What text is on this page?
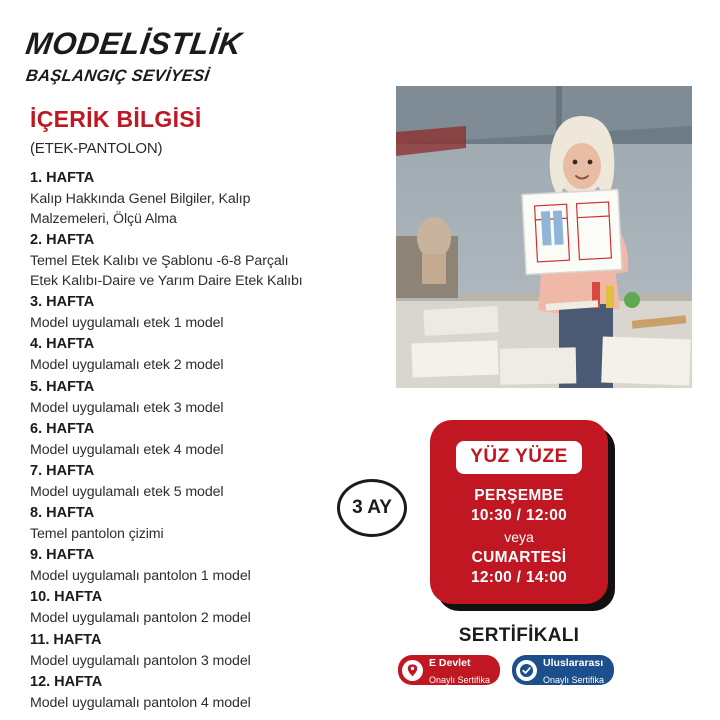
MODELİSTLİK BAŞLANGIÇ SEVİYESİ
İÇERİK BİLGİSİ
(ETEK-PANTOLON)
1. HAFTA
Kalıp Hakkında Genel Bilgiler, Kalıp
Malzemeleri, Ölçü Alma
2. HAFTA
Temel Etek Kalıbı ve Şablonu -6-8 Parçalı
Etek Kalıbı-Daire ve Yarım Daire Etek Kalıbı
3. HAFTA
Model uygulamalı etek 1 model
4. HAFTA
Model uygulamalı etek 2 model
5. HAFTA
Model uygulamalı etek 3 model
6. HAFTA
Model uygulamalı etek 4 model
7. HAFTA
Model uygulamalı etek 5 model
8. HAFTA
Temel pantolon çizimi
9. HAFTA
Model uygulamalı pantolon 1 model
10. HAFTA
Model uygulamalı pantolon 2 model
11. HAFTA
Model uygulamalı pantolon 3 model
12. HAFTA
Model uygulamalı pantolon 4 model
3 AY
YÜZ YÜZE
PERŞEMBE
10:30 / 12:00
veya
CUMARTESİ
12:00 / 14:00
SERTİFİKALI
E Devlet
Onaylı Sertifika
Uluslararası
Onaylı Sertifika
